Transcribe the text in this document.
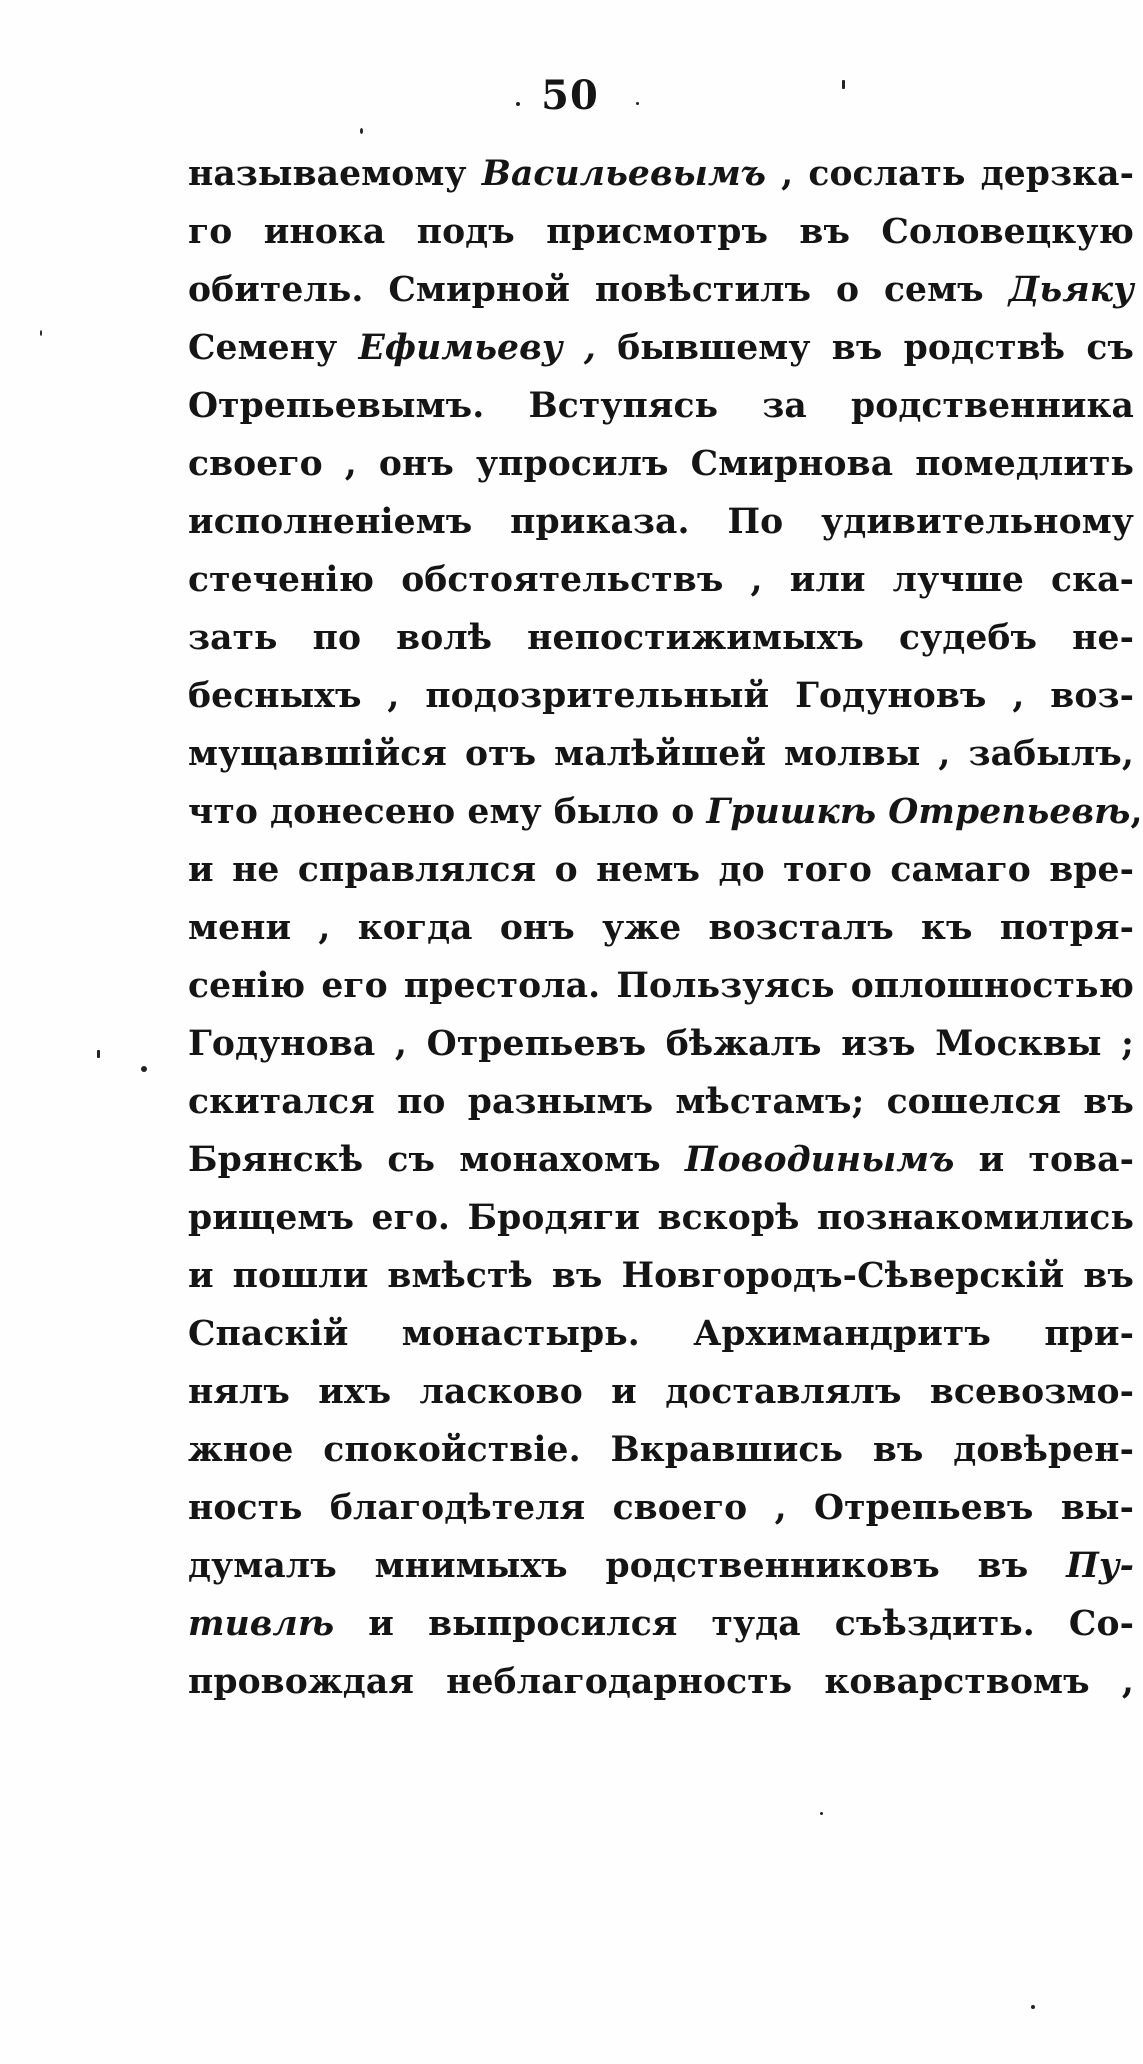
50
называемому Васильевымъ , сослать дерзка-
го инока подъ присмотръ въ Соловецкую
обитель. Смирной повѣстилъ о семъ Дьяку
Семену Ефимьеву , бывшему въ родствѣ съ
Отрепьевымъ. Вступясь за родственника
своего , онъ упросилъ Смирнова помедлить
исполненіемъ приказа. По удивительному
стеченію обстоятельствъ , или лучше ска-
зать по волѣ непостижимыхъ судебъ не-
бесныхъ , подозрительный Годуновъ , воз-
мущавшійся отъ малѣйшей молвы , забылъ,
что донесено ему было о Гришкѣ Отрепьевѣ,
и не справлялся о немъ до того самаго вре-
мени , когда онъ уже возсталъ къ потря-
сенію его престола. Пользуясь оплошностью
Годунова , Отрепьевъ бѣжалъ изъ Москвы ;
скитался по разнымъ мѣстамъ; сошелся въ
Брянскѣ съ монахомъ Поводинымъ и това-
рищемъ его. Бродяги вскорѣ познакомились
и пошли вмѣстѣ въ Новгородъ-Сѣверскій въ
Спаскій монастырь. Архимандритъ при-
нялъ ихъ ласково и доставлялъ всевозмо-
жное спокойствіе. Вкравшись въ довѣрен-
ность благодѣтеля своего , Отрепьевъ вы-
думалъ мнимыхъ родственниковъ въ Пу-
тивлѣ и выпросился туда съѣздить. Со-
провождая неблагодарность коварствомъ ,
